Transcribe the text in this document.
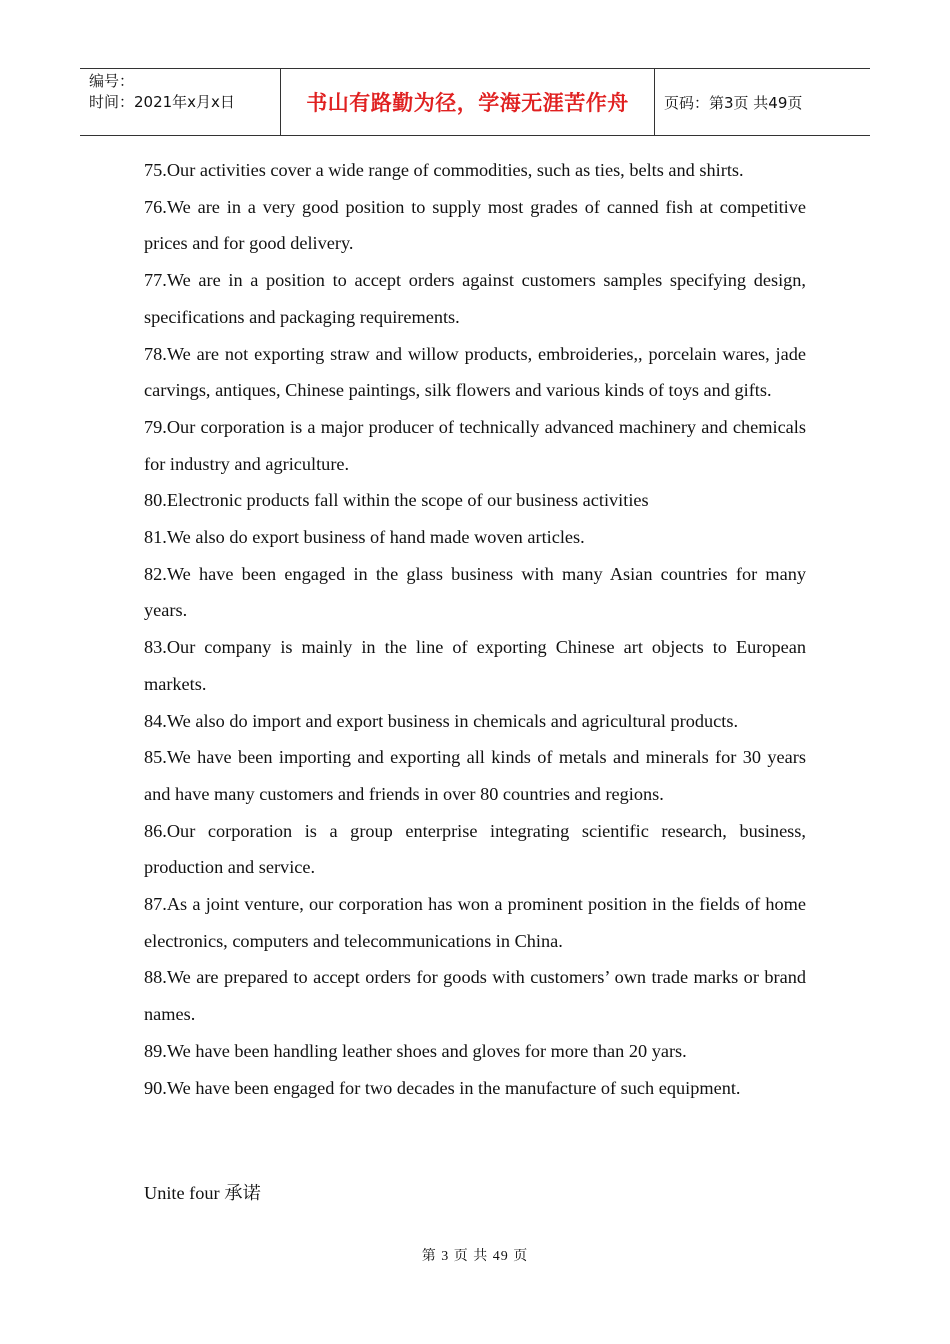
编号：
时间：2021年x月x日	书山有路勤为径，学海无涯苦作舟 页码：第3页 共49页

75.Our activities cover a wide range of commodities, such as ties, belts and shirts.

76.We are in a very good position to supply most grades of canned fish at competitive prices and for good delivery.

77.We are in a position to accept orders against customers samples specifying design, specifications and packaging requirements.

78.We are not exporting straw and willow products, embroideries,, porcelain wares, jade carvings, antiques, Chinese paintings, silk flowers and various kinds of toys and gifts.

79.Our corporation is a major producer of technically advanced machinery and chemicals for industry and agriculture.

80.Electronic products fall within the scope of our business activities

81.We also do export business of hand made woven articles.

82.We have been engaged in the glass business with many Asian countries for many years.

83.Our company is mainly in the line of exporting Chinese art objects to European markets.

84.We also do import and export business in chemicals and agricultural products.

85.We have been importing and exporting all kinds of metals and minerals for 30 years and have many customers and friends in over 80 countries and regions.

86.Our corporation is a group enterprise integrating scientific research, business, production and service.

87.As a joint venture, our corporation has won a prominent position in the fields of home electronics, computers and telecommunications in China.

88.We are prepared to accept orders for goods with customers’ own trade marks or brand names.

89.We have been handling leather shoes and gloves for more than 20 yars.

90.We have been engaged for two decades in the manufacture of such equipment.

Unite four 承诺
第 3 页 共 49 页
